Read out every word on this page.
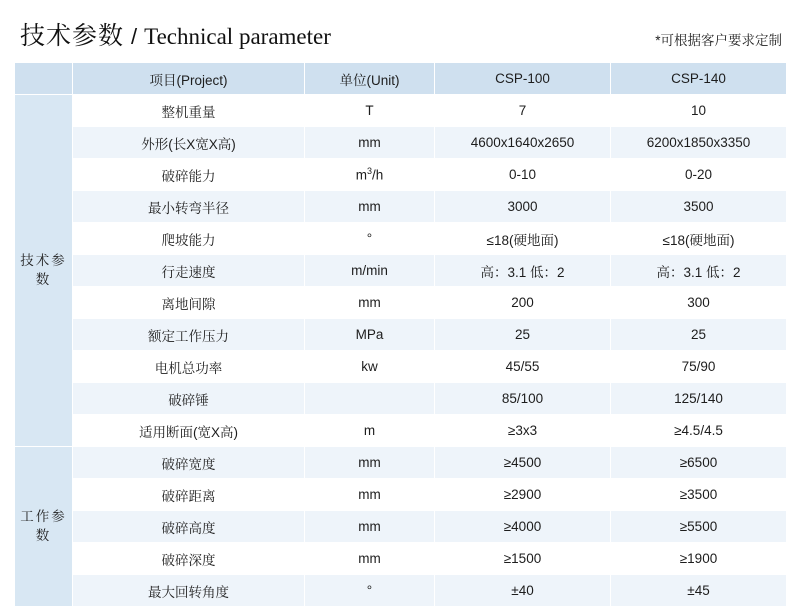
技术参数 / Technical parameter	*可根据客户要求定制
	项目(Project)	单位(Unit)	CSP-100	CSP-140
技术参数	整机重量	T	7	10
	外形(长X宽X高)	mm	4600x1640x2650	6200x1850x3350
	破碎能力	$m^3/h$	0-10	0-20
	最小转弯半径	mm	3000	3500
	爬坡能力	°	≤18(硬地面)	≤18(硬地面)
	行走速度	m/min	高：3.1 低：2	高：3.1 低：2
	离地间隙	mm	200	300
	额定工作压力	MPa	25	25
	电机总功率	kw	45/55	75/90
	破碎锤		85/100	125/140
	适用断面(宽X高)	m	≥3x3	≥4.5/4.5
工作参数	破碎宽度	mm	≥4500	≥6500
	破碎距离	mm	≥2900	≥3500
	破碎高度	mm	≥4000	≥5500
	破碎深度	mm	≥1500	≥1900
	最大回转角度	°	±40	±45
